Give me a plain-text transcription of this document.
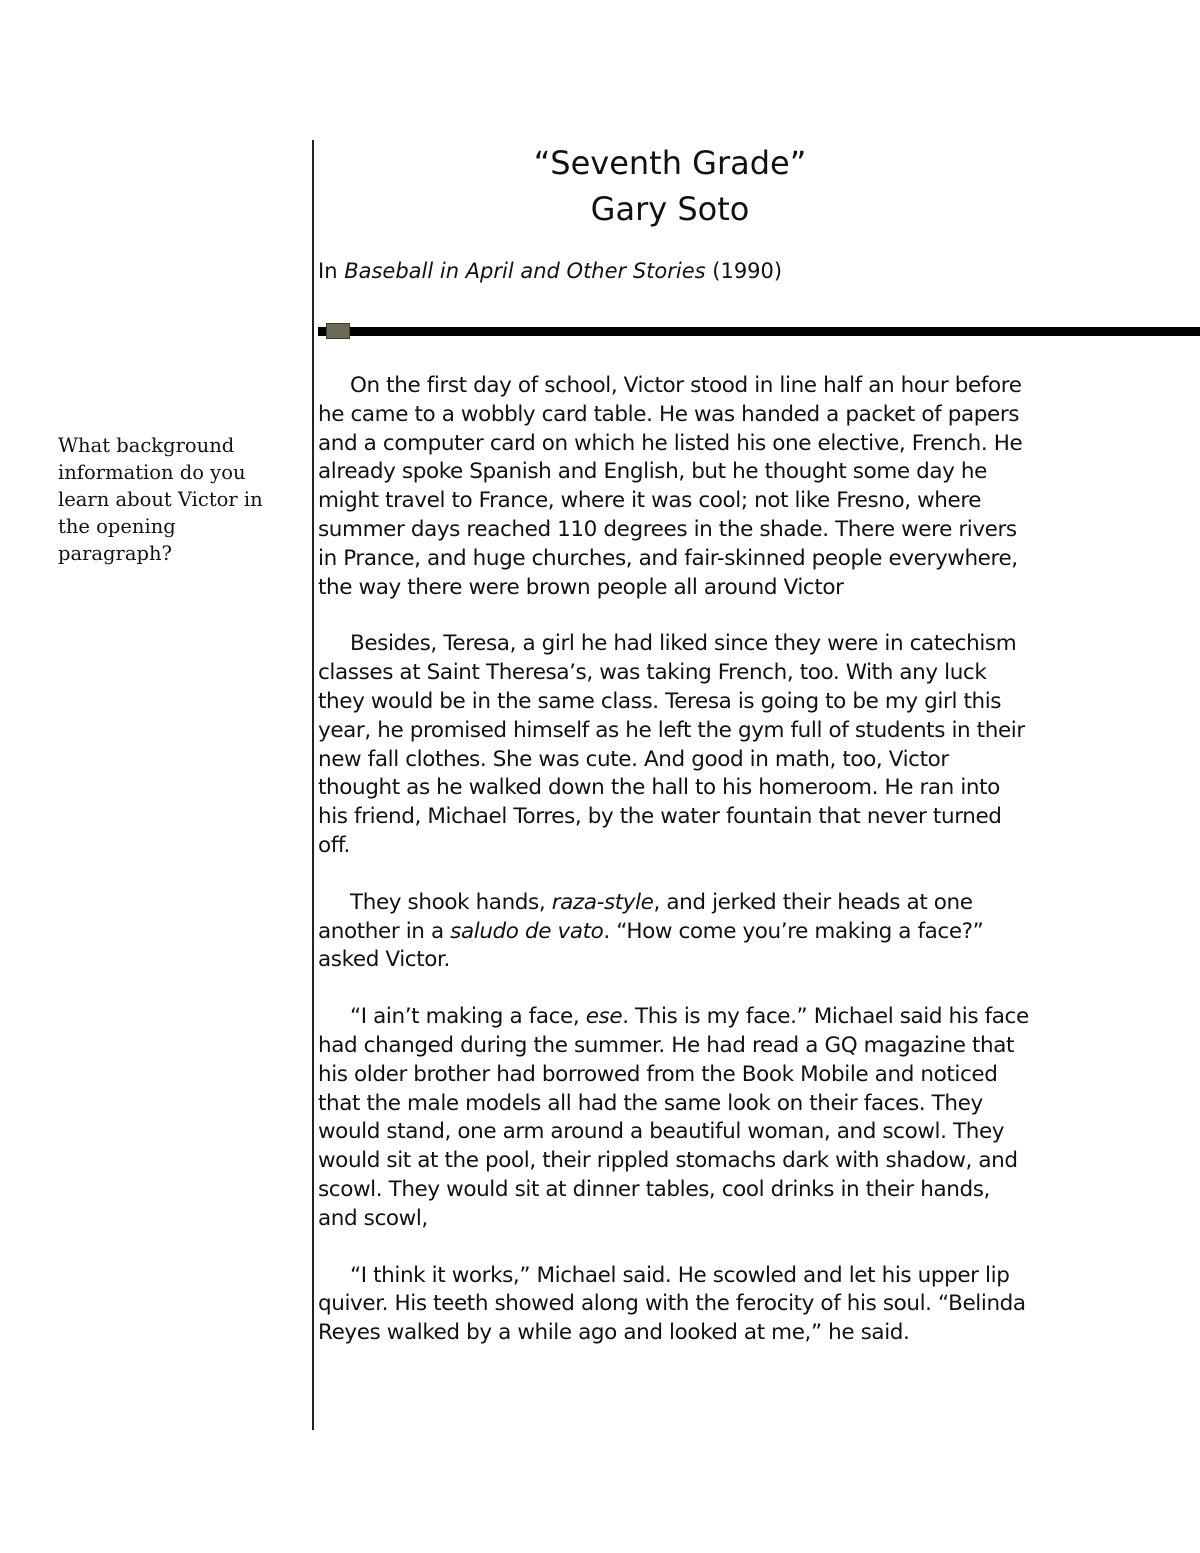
What background information do you learn about Victor in the opening paragraph?
“Seventh Grade”
Gary Soto
In Baseball in April and Other Stories (1990)

On the first day of school, Victor stood in line half an hour before he came to a wobbly card table. He was handed a packet of papers and a computer card on which he listed his one elective, French. He already spoke Spanish and English, but he thought some day he might travel to France, where it was cool; not like Fresno, where summer days reached 110 degrees in the shade. There were rivers in Prance, and huge churches, and fair-skinned people everywhere, the way there were brown people all around Victor

Besides, Teresa, a girl he had liked since they were in catechism classes at Saint Theresa’s, was taking French, too. With any luck they would be in the same class. Teresa is going to be my girl this year, he promised himself as he left the gym full of students in their new fall clothes. She was cute. And good in math, too, Victor thought as he walked down the hall to his homeroom. He ran into his friend, Michael Torres, by the water fountain that never turned off.

They shook hands, raza-style, and jerked their heads at one another in a saludo de vato. “How come you’re making a face?” asked Victor.

“I ain’t making a face, ese. This is my face.” Michael said his face had changed during the summer. He had read a GQ magazine that his older brother had borrowed from the Book Mobile and noticed that the male models all had the same look on their faces. They would stand, one arm around a beautiful woman, and scowl. They would sit at the pool, their rippled stomachs dark with shadow, and scowl. They would sit at dinner tables, cool drinks in their hands, and scowl,

“I think it works,” Michael said. He scowled and let his upper lip quiver. His teeth showed along with the ferocity of his soul. “Belinda Reyes walked by a while ago and looked at me,” he said.
